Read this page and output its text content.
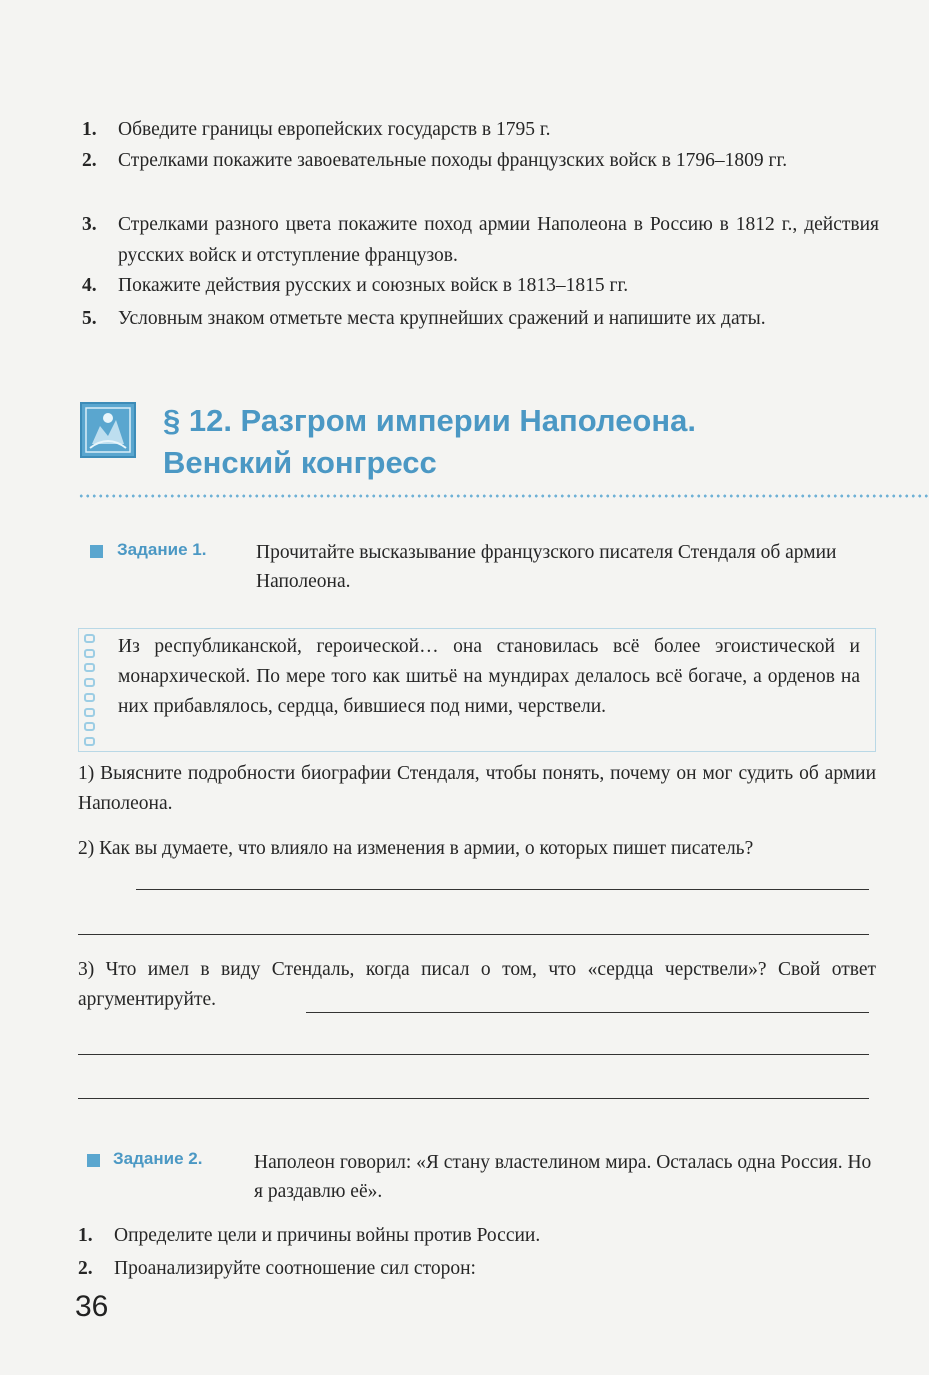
1. Обведите границы европейских государств в 1795 г.
2. Стрелками покажите завоевательные походы французских войск в 1796–1809 гг.
3. Стрелками разного цвета покажите поход армии Наполеона в Россию в 1812 г., действия русских войск и отступление французов.
4. Покажите действия русских и союзных войск в 1813–1815 гг.
5. Условным знаком отметьте места крупнейших сражений и напишите их даты.
§ 12. Разгром империи Наполеона.
Венский конгресс
Задание 1.	Прочитайте высказывание французского писателя Стендаля об армии Наполеона.
Из республиканской, героической… она становилась всё более эгоистической и монархической. По мере того как шитьё на мундирах делалось всё богаче, а орденов на них прибавлялось, сердца, бившиеся под ними, черствели.
1) Выясните подробности биографии Стендаля, чтобы понять, почему он мог судить об армии Наполеона.
2) Как вы думаете, что влияло на изменения в армии, о которых пишет писатель?
3) Что имел в виду Стендаль, когда писал о том, что «сердца черствели»? Свой ответ аргументируйте.
Задание 2.	Наполеон говорил: «Я стану властелином мира. Осталась одна Россия. Но я раздавлю её».
1. Определите цели и причины войны против России.
2. Проанализируйте соотношение сил сторон:
36
